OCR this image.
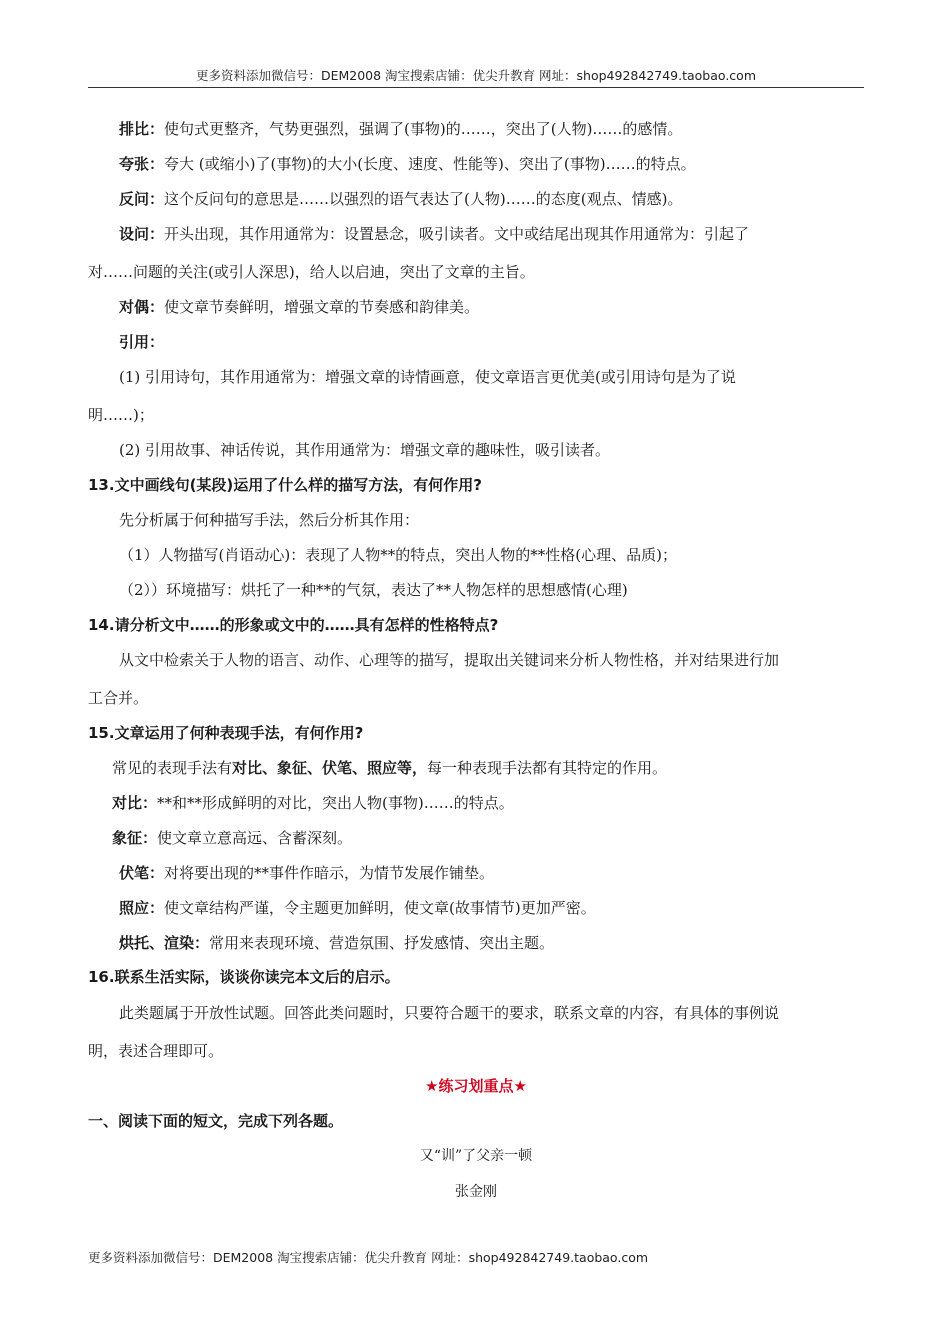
更多资料添加微信号：DEM2008 淘宝搜索店铺：优尖升教育 网址：shop492842749.taobao.com
排比：使句式更整齐，气势更强烈，强调了(事物)的……，突出了(人物)……的感情。
夸张：夸大 (或缩小)了(事物)的大小(长度、速度、性能等)、突出了(事物)……的特点。
反问：这个反问句的意思是……以强烈的语气表达了(人物)……的态度(观点、情感)。
设问：开头出现，其作用通常为：设置悬念，吸引读者。文中或结尾出现其作用通常为：引起了
对……问题的关注(或引人深思)，给人以启迪，突出了文章的主旨。
对偶：使文章节奏鲜明，增强文章的节奏感和韵律美。
引用：
(1) 引用诗句，其作用通常为：增强文章的诗情画意，使文章语言更优美(或引用诗句是为了说
明……)；
(2) 引用故事、神话传说，其作用通常为：增强文章的趣味性，吸引读者。
13.文中画线句(某段)运用了什么样的描写方法，有何作用?
先分析属于何种描写手法，然后分析其作用：
（1）人物描写(肖语动心)：表现了人物**的特点，突出人物的**性格(心理、品质)；
（2））环境描写：烘托了一种**的气氛，表达了**人物怎样的思想感情(心理)
14.请分析文中……的形象或文中的……具有怎样的性格特点?
从文中检索关于人物的语言、动作、心理等的描写，提取出关键词来分析人物性格，并对结果进行加
工合并。
15.文章运用了何种表现手法，有何作用?
常见的表现手法有对比、象征、伏笔、照应等，每一种表现手法都有其特定的作用。
对比：**和**形成鲜明的对比，突出人物(事物)……的特点。
象征：使文章立意高远、含蓄深刻。
伏笔：对将要出现的**事件作暗示，为情节发展作铺垫。
照应：使文章结构严谨，令主题更加鲜明，使文章(故事情节)更加严密。
烘托、渲染：常用来表现环境、营造氛围、抒发感情、突出主题。
16.联系生活实际，谈谈你读完本文后的启示。
此类题属于开放性试题。回答此类问题时，只要符合题干的要求，联系文章的内容，有具体的事例说
明，表述合理即可。
★练习划重点★
一、阅读下面的短文，完成下列各题。
又“训”了父亲一顿
张金刚
更多资料添加微信号：DEM2008 淘宝搜索店铺：优尖升教育 网址：shop492842749.taobao.com
